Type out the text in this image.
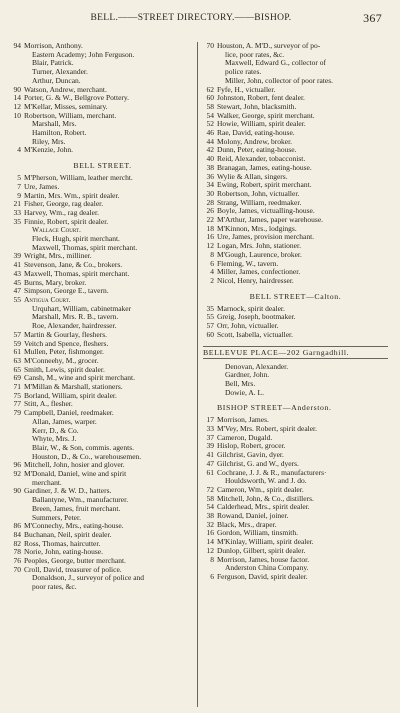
BELL.——STREET DIRECTORY.——BISHOP.	367
94 Morrison, Anthony.
Eastern Academy; John Ferguson.
Blair, Patrick.
Turner, Alexander.
Arthur, Duncan.
90 Watson, Andrew, merchant.
14 Porter, G. & W., Bellgrove Pottery.
12 M'Kellar, Misses, seminary.
10 Robertson, William, merchant.
Marshall, Mrs.
Hamilton, Robert.
Riley, Mrs.
4 M'Kenzie, John.
BELL STREET.
5 M'Pherson, William, leather mercht.
7 Ure, James.
9 Martin, Mrs. Wm., spirit dealer.
21 Fisher, George, rag dealer.
33 Harvey, Wm., rag dealer.
35 Finnie, Robert, spirit dealer.
Wallace Court.
Fleck, Hugh, spirit merchant.
Maxwell, Thomas, spirit merchant.
39 Wright, Mrs., milliner.
41 Stevenson, Jane, & Co., brokers.
43 Maxwell, Thomas, spirit merchant.
45 Burns, Mary, broker.
47 Simpson, George E., tavern.
55 Antigua Court.
Urquhart, William, cabinetmaker
Marshall, Mrs. R. B., tavern.
Roe, Alexander, hairdresser.
57 Martin & Gourlay, fleshers.
59 Veitch and Spence, fleshers.
61 Mullen, Peter, fishmonger.
63 M'Conneehy, M., grocer.
65 Smith, Lewis, spirit dealer.
69 Cansh, M., wine and spirit merchant.
71 M'Millan & Marshall, stationers.
75 Borland, William, spirit dealer.
77 Stitt, A., flesher.
79 Campbell, Daniel, reedmaker.
Allan, James, warper.
Kerr, D., & Co.
Whyte, Mrs. J.
Blair, W., & Son, commis. agents.
Houston, D., & Co., warehousemen.
96 Mitchell, John, hosier and glover.
92 M'Donald, Daniel, wine and spirit
merchant.
90 Gardiner, J. & W. D., hatters.
Ballantyne, Wm., manufacturer.
Breen, James, fruit merchant.
Summers, Peter.
86 M'Connechy, Mrs., eating-house.
84 Buchanan, Neil, spirit dealer.
82 Ross, Thomas, haircutter.
78 Norie, John, eating-house.
76 Peoples, George, butter merchant.
70 Croll, David, treasurer of police.
Donaldson, J., surveyor of police and
poor rates, &c.
70 Houston, A. M'D., surveyor of po-
lice, poor rates, &c.
Maxwell, Edward G., collector of
police rates.
Miller, John, collector of poor rates.
62 Fyfe, H., victualler.
60 Johnston, Robert, fent dealer.
58 Stewart, John, blacksmith.
54 Walker, George, spirit merchant.
52 Howie, William, spirit dealer.
46 Rae, David, eating-house.
44 Molony, Andrew, broker.
42 Dunn, Peter, eating-house.
40 Reid, Alexander, tobacconist.
38 Branagan, James, eating-house.
36 Wylie & Allan, singers.
34 Ewing, Robert, spirit merchant.
30 Robertson, John, victualler.
28 Strang, William, reedmaker.
26 Boyle, James, victualling-house.
22 M'Arthur, James, paper warehouse.
18 M'Kinnon, Mrs., lodgings.
16 Ure, James, provision merchant.
12 Logan, Mrs. John, stationer.
8 M'Gough, Laurence, broker.
6 Fleming, W., tavern.
4 Miller, James, confectioner.
2 Nicol, Henry, hairdresser.
BELL STREET—Calton.
35 Marnock, spirit dealer.
55 Greig, Joseph, bootmaker.
57 Orr, John, victualler.
60 Scott, Isabella, victualler.
BELLEVUE PLACE—202 Garngadhill.
Denovan, Alexander.
Gardner, John.
Bell, Mrs.
Dowie, A. L.
BISHOP STREET—Anderston.
17 Morrison, James.
33 M'Vey, Mrs. Robert, spirit dealer.
37 Cameron, Dugald.
39 Hislop, Robert, grocer.
41 Gilchrist, Gavin, dyer.
47 Gilchrist, G. and W., dyers.
61 Cochrane, J. J. & R., manufacturers·
Houldsworth, W. and J. do.
72 Cameron, Wm., spirit dealer.
58 Mitchell, John, & Co., distillers.
54 Calderhead, Mrs., spirit dealer.
38 Rowand, Daniel, joiner.
32 Black, Mrs., draper.
16 Gordon, William, tinsmith.
14 M'Kinlay, William, spirit dealer.
12 Dunlop, Gilbert, spirit dealer.
8 Morrison, James, house factor.
Anderston China Company.
6 Ferguson, David, spirit dealer.
